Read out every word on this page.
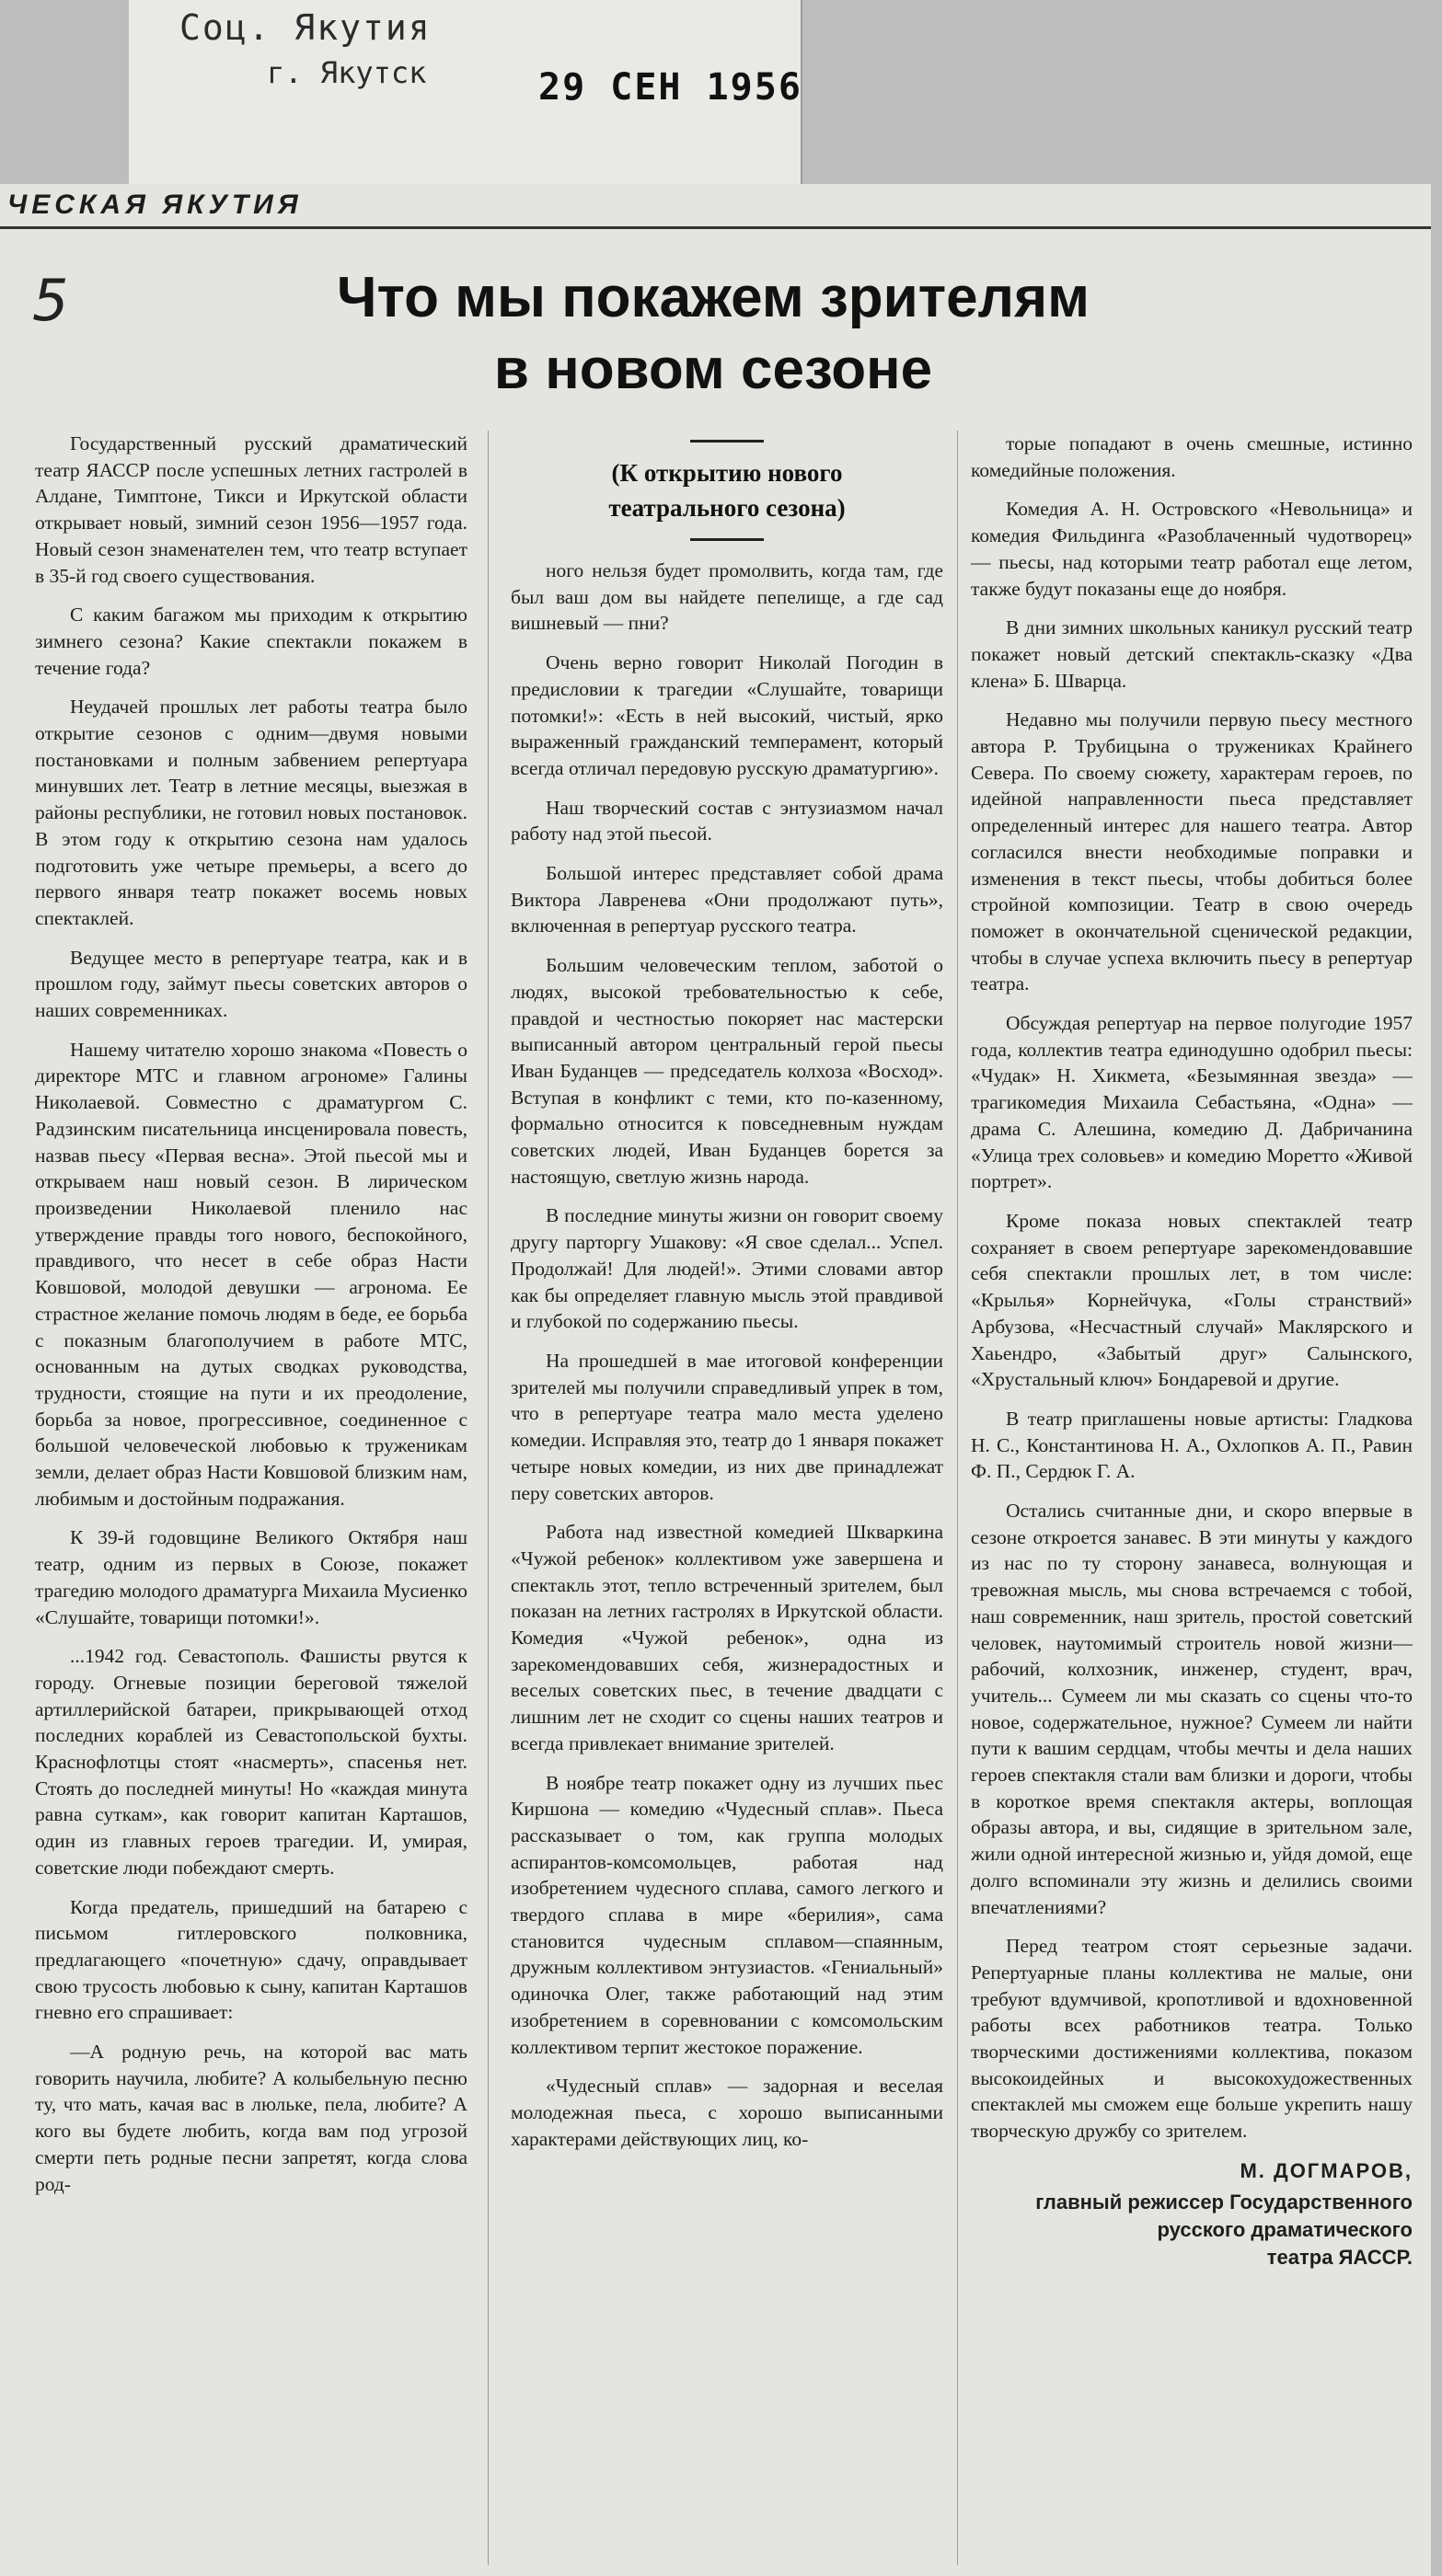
Соц. Якутия
г. Якутск	29 СЕН 1956
ЧЕСКАЯ ЯКУТИЯ
5	Что мы покажем зрителям
в новом сезоне

Государственный русский драматический театр ЯАССР после успешных летних гастролей в Алдане, Тимптоне, Тикси и Иркутской области открывает новый, зимний сезон 1956—1957 года. Новый сезон знаменателен тем, что театр вступает в 35-й год своего существования.

С каким багажом мы приходим к открытию зимнего сезона? Какие спектакли покажем в течение года?

Неудачей прошлых лет работы театра было открытие сезонов с одним—двумя новыми постановками и полным забвением репертуара минувших лет. Театр в летние месяцы, выезжая в районы республики, не готовил новых постановок. В этом году к открытию сезона нам удалось подготовить уже четыре премьеры, а всего до первого января театр покажет восемь новых спектаклей.

Ведущее место в репертуаре театра, как и в прошлом году, займут пьесы советских авторов о наших современниках.

Нашему читателю хорошо знакома «Повесть о директоре МТС и главном агрономе» Галины Николаевой. Совместно с драматургом С. Радзинским писательница инсценировала повесть, назвав пьесу «Первая весна». Этой пьесой мы и открываем наш новый сезон. В лирическом произведении Николаевой пленило нас утверждение правды того нового, беспокойного, правдивого, что несет в себе образ Насти Ковшовой, молодой девушки — агронома. Ее страстное желание помочь людям в беде, ее борьба с показным благополучием в работе МТС, основанным на дутых сводках руководства, трудности, стоящие на пути и их преодоление, борьба за новое, прогрессивное, соединенное с большой человеческой любовью к труженикам земли, делает образ Насти Ковшовой близким нам, любимым и достойным подражания.

К 39-й годовщине Великого Октября наш театр, одним из первых в Союзе, покажет трагедию молодого драматурга Михаила Мусиенко «Слушайте, товарищи потомки!».

...1942 год. Севастополь. Фашисты рвутся к городу. Огневые позиции береговой тяжелой артиллерийской батареи, прикрывающей отход последних кораблей из Севастопольской бухты. Краснофлотцы стоят «насмерть», спасенья нет. Стоять до последней минуты! Но «каждая минута равна суткам», как говорит капитан Карташов, один из главных героев трагедии. И, умирая, советские люди побеждают смерть.

Когда предатель, пришедший на батарею с письмом гитлеровского полковника, предлагающего «почетную» сдачу, оправдывает свою трусость любовью к сыну, капитан Карташов гневно его спрашивает:

—А родную речь, на которой вас мать говорить научила, любите? А колыбельную песню ту, что мать, качая вас в люльке, пела, любите? А кого вы будете любить, когда вам под угрозой смерти петь родные песни запретят, когда слова род-

(К открытию нового театрального сезона)

ного нельзя будет промолвить, когда там, где был ваш дом вы найдете пепелище, а где сад вишневый — пни?

Очень верно говорит Николай Погодин в предисловии к трагедии «Слушайте, товарищи потомки!»: «Есть в ней высокий, чистый, ярко выраженный гражданский темперамент, который всегда отличал передовую русскую драматургию».

Наш творческий состав с энтузиазмом начал работу над этой пьесой.

Большой интерес представляет собой драма Виктора Лавренева «Они продолжают путь», включенная в репертуар русского театра.

Большим человеческим теплом, заботой о людях, высокой требовательностью к себе, правдой и честностью покоряет нас мастерски выписанный автором центральный герой пьесы Иван Буданцев — председатель колхоза «Восход». Вступая в конфликт с теми, кто по-казенному, формально относится к повседневным нуждам советских людей, Иван Буданцев борется за настоящую, светлую жизнь народа.

В последние минуты жизни он говорит своему другу парторгу Ушакову: «Я свое сделал... Успел. Продолжай! Для людей!». Этими словами автор как бы определяет главную мысль этой правдивой и глубокой по содержанию пьесы.

На прошедшей в мае итоговой конференции зрителей мы получили справедливый упрек в том, что в репертуаре театра мало места уделено комедии. Исправляя это, театр до 1 января покажет четыре новых комедии, из них две принадлежат перу советских авторов.

Работа над известной комедией Шкваркина «Чужой ребенок» коллективом уже завершена и спектакль этот, тепло встреченный зрителем, был показан на летних гастролях в Иркутской области. Комедия «Чужой ребенок», одна из зарекомендовавших себя, жизнерадостных и веселых советских пьес, в течение двадцати с лишним лет не сходит со сцены наших театров и всегда привлекает внимание зрителей.

В ноябре театр покажет одну из лучших пьес Киршона — комедию «Чудесный сплав». Пьеса рассказывает о том, как группа молодых аспирантов-комсомольцев, работая над изобретением чудесного сплава, самого легкого и твердого сплава в мире «берилия», сама становится чудесным сплавом—спаянным, дружным коллективом энтузиастов. «Гениальный» одиночка Олег, также работающий над этим изобретением в соревновании с комсомольским коллективом терпит жестокое поражение.

«Чудесный сплав» — задорная и веселая молодежная пьеса, с хорошо выписанными характерами действующих лиц, ко-

торые попадают в очень смешные, истинно комедийные положения.

Комедия А. Н. Островского «Невольница» и комедия Фильдинга «Разоблаченный чудотворец» — пьесы, над которыми театр работал еще летом, также будут показаны еще до ноября.

В дни зимних школьных каникул русский театр покажет новый детский спектакль-сказку «Два клена» Б. Шварца.

Недавно мы получили первую пьесу местного автора Р. Трубицына о тружениках Крайнего Севера. По своему сюжету, характерам героев, по идейной направленности пьеса представляет определенный интерес для нашего театра. Автор согласился внести необходимые поправки и изменения в текст пьесы, чтобы добиться более стройной композиции. Театр в свою очередь поможет в окончательной сценической редакции, чтобы в случае успеха включить пьесу в репертуар театра.

Обсуждая репертуар на первое полугодие 1957 года, коллектив театра единодушно одобрил пьесы: «Чудак» Н. Хикмета, «Безымянная звезда» — трагикомедия Михаила Себастьяна, «Одна» — драма С. Алешина, комедию Д. Дабричанина «Улица трех соловьев» и комедию Моретто «Живой портрет».

Кроме показа новых спектаклей театр сохраняет в своем репертуаре зарекомендовавшие себя спектакли прошлых лет, в том числе: «Крылья» Корнейчука, «Голы странствий» Арбузова, «Несчастный случай» Маклярского и Хаьендро, «Забытый друг» Салынского, «Хрустальный ключ» Бондаревой и другие.

В театр приглашены новые артисты: Гладкова Н. С., Константинова Н. А., Охлопков А. П., Равин Ф. П., Сердюк Г. А.

Остались считанные дни, и скоро впервые в сезоне откроется занавес. В эти минуты у каждого из нас по ту сторону занавеса, волнующая и тревожная мысль, мы снова встречаемся с тобой, наш современник, наш зритель, простой советский человек, наутомимый строитель новой жизни—рабочий, колхозник, инженер, студент, врач, учитель... Сумеем ли мы сказать со сцены что-то новое, содержательное, нужное? Сумеем ли найти пути к вашим сердцам, чтобы мечты и дела наших героев спектакля стали вам близки и дороги, чтобы в короткое время спектакля актеры, воплощая образы автора, и вы, сидящие в зрительном зале, жили одной интересной жизнью и, уйдя домой, еще долго вспоминали эту жизнь и делились своими впечатлениями?

Перед театром стоят серьезные задачи. Репертуарные планы коллектива не малые, они требуют вдумчивой, кропотливой и вдохновенной работы всех работников театра. Только творческими достижениями коллектива, показом высокоидейных и высокохудожественных спектаклей мы сможем еще больше укрепить нашу творческую дружбу со зрителем.

М. ДОГМАРОВ,
главный режиссер Государственного
русского драматического
театра ЯАССР.
